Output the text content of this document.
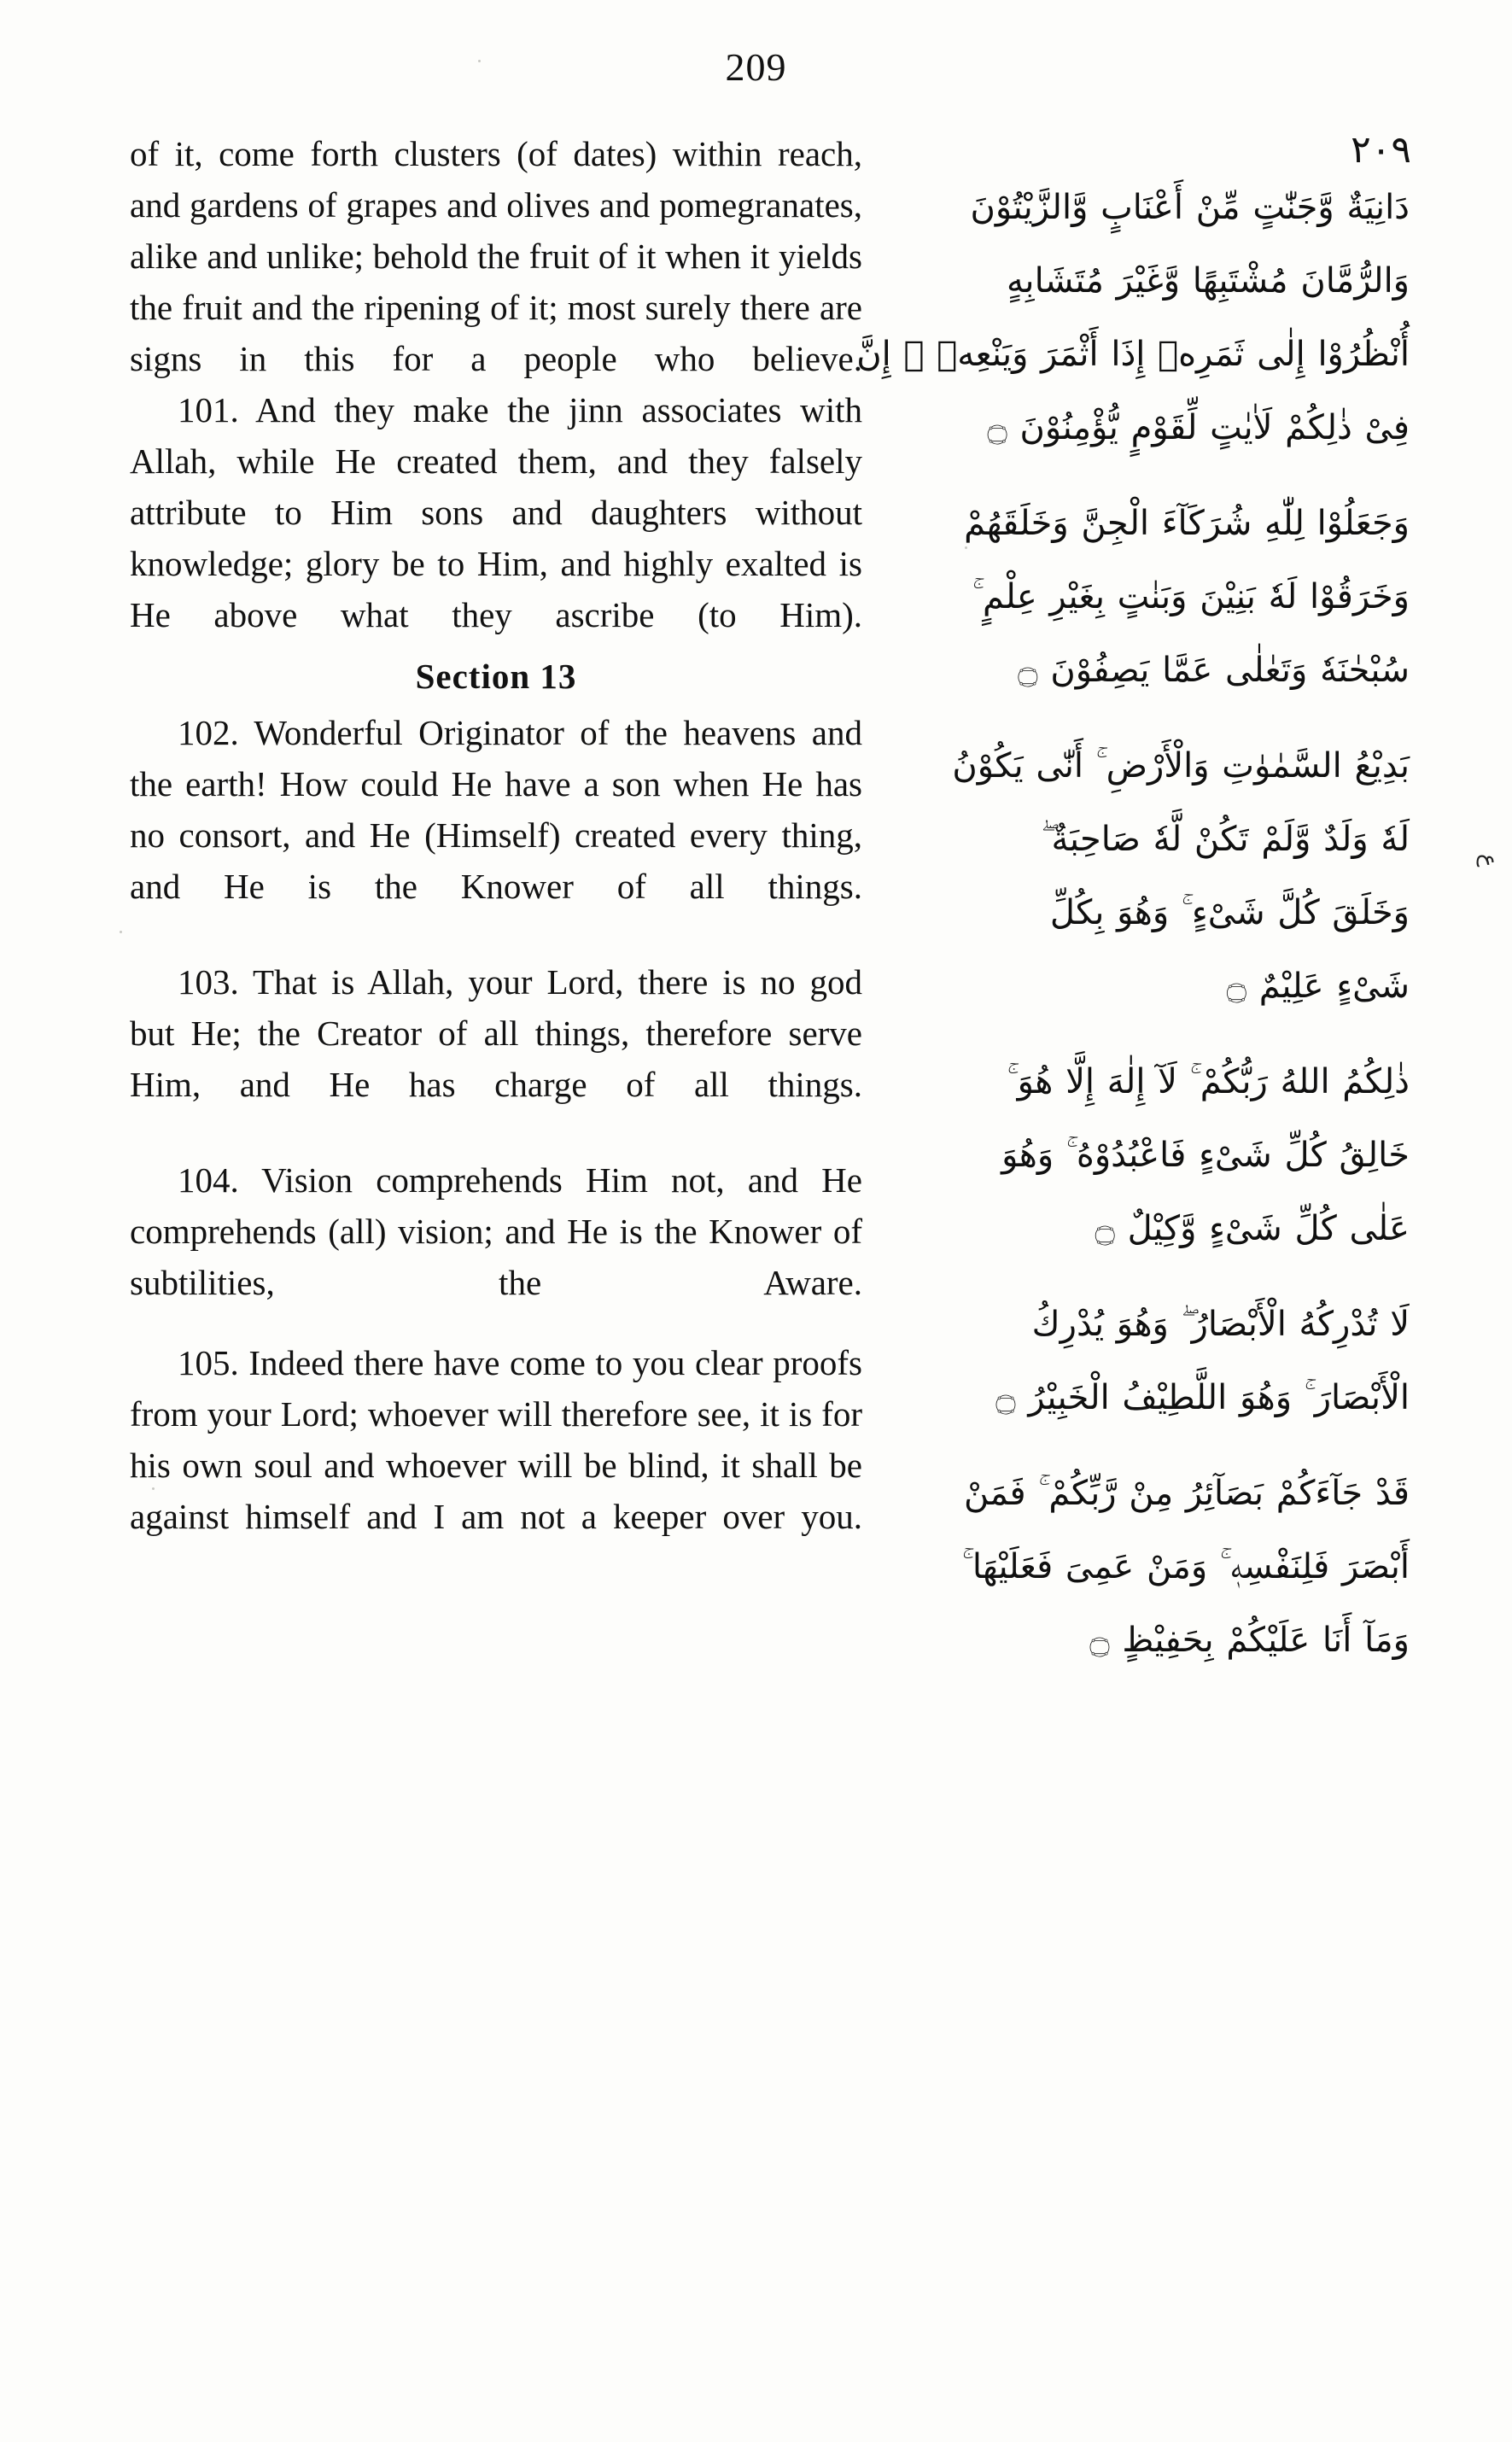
209
٢٠٩

of it, come forth clusters (of dates) within reach, and gardens of grapes and olives and pomegranates, alike and unlike; behold the fruit of it when it yields the fruit and the ripening of it; most surely there are signs in this for a people who believe.

101. And they make the jinn associates with Allah, while He created them, and they falsely attribute to Him sons and daughters without knowledge; glory be to Him, and highly exalted is He above what they ascribe (to Him).

Section 13

102. Wonderful Originator of the heavens and the earth! How could He have a son when He has no consort, and He (Himself) created every thing, and He is the Knower of all things.

103. That is Allah, your Lord, there is no god but He; the Creator of all things, therefore serve Him, and He has charge of all things.

104. Vision comprehends Him not, and He comprehends (all) vision; and He is the Knower of subtilities, the Aware.

105. Indeed there have come to you clear proofs from your Lord; whoever will therefore see, it is for his own soul and whoever will be blind, it shall be against himself and I am not a keeper over you.

دَانِيَةٌ وَّجَنّٰتٍ مِّنْ أَعْنَابٍ وَّالزَّيْتُوْنَ
وَالرُّمَّانَ مُشْتَبِهًا وَّغَيْرَ مُتَشَابِهٍ
أُنْظُرُوْا إِلٰى ثَمَرِهٖ إِذَا أَثْمَرَ وَيَنْعِهٖ ۚ إِنَّ
فِىْ ذٰلِكُمْ لَاٰيٰتٍ لِّقَوْمٍ يُّؤْمِنُوْنَ ۝
وَجَعَلُوْا لِلّٰهِ شُرَكَآءَ الْجِنَّ وَخَلَقَهُمْ
وَخَرَقُوْا لَهٗ بَنِيْنَ وَبَنٰتٍ بِغَيْرِ عِلْمٍ ۚ
سُبْحٰنَهٗ وَتَعٰلٰى عَمَّا يَصِفُوْنَ ۝
بَدِيْعُ السَّمٰوٰتِ وَالْأَرْضِ ۚ أَنّٰى يَكُوْنُ
لَهٗ وَلَدٌ وَّلَمْ تَكُنْ لَّهٗ صَاحِبَةٌ ۖ
وَخَلَقَ كُلَّ شَىْءٍ ۚ وَهُوَ بِكُلِّ
شَىْءٍ عَلِيْمٌ ۝
ذٰلِكُمُ اللهُ رَبُّكُمْ ۚ لَآ إِلٰهَ إِلَّا هُوَ ۚ
خَالِقُ كُلِّ شَىْءٍ فَاعْبُدُوْهُ ۚ وَهُوَ
عَلٰى كُلِّ شَىْءٍ وَّكِيْلٌ ۝
لَا تُدْرِكُهُ الْأَبْصَارُ ۖ وَهُوَ يُدْرِكُ
الْأَبْصَارَ ۚ وَهُوَ اللَّطِيْفُ الْخَبِيْرُ ۝
قَدْ جَآءَكُمْ بَصَآئِرُ مِنْ رَّبِّكُمْ ۚ فَمَنْ
أَبْصَرَ فَلِنَفْسِهٖ ۚ وَمَنْ عَمِىَ فَعَلَيْهَا ۚ
وَمَآ أَنَا عَلَيْكُمْ بِحَفِيْظٍ ۝
ع
